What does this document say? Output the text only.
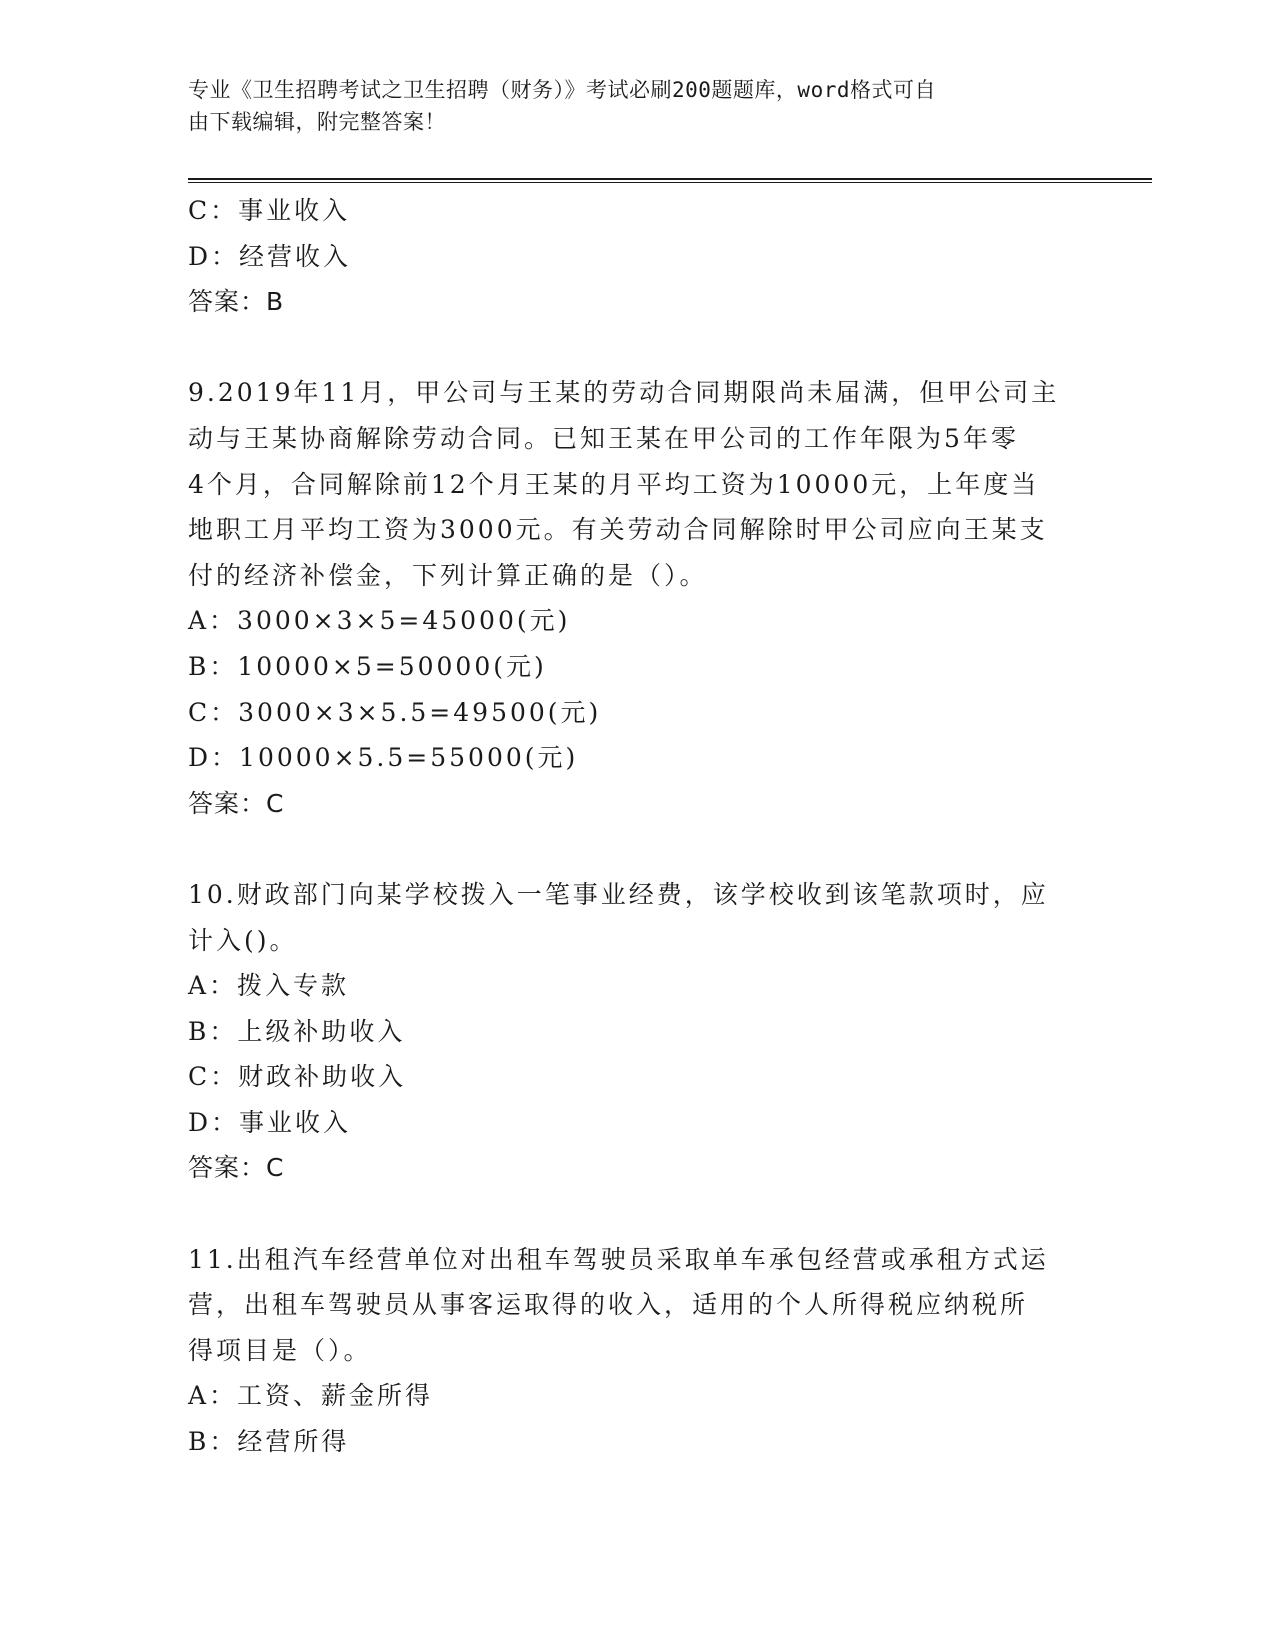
专业《卫生招聘考试之卫生招聘（财务）》考试必刷200题题库，word格式可自
由下载编辑，附完整答案！
C：事业收入
D：经营收入
答案：B
9.2019年11月，甲公司与王某的劳动合同期限尚未届满，但甲公司主
动与王某协商解除劳动合同。已知王某在甲公司的工作年限为5年零
4个月，合同解除前12个月王某的月平均工资为10000元，上年度当
地职工月平均工资为3000元。有关劳动合同解除时甲公司应向王某支
付的经济补偿金，下列计算正确的是（）。
A：3000×3×5=45000(元)
B：10000×5=50000(元)
C：3000×3×5.5=49500(元)
D：10000×5.5=55000(元)
答案：C
10.财政部门向某学校拨入一笔事业经费，该学校收到该笔款项时，应
计入()。
A：拨入专款
B：上级补助收入
C：财政补助收入
D：事业收入
答案：C
11.出租汽车经营单位对出租车驾驶员采取单车承包经营或承租方式运
营，出租车驾驶员从事客运取得的收入，适用的个人所得税应纳税所
得项目是（）。
A：工资、薪金所得
B：经营所得
